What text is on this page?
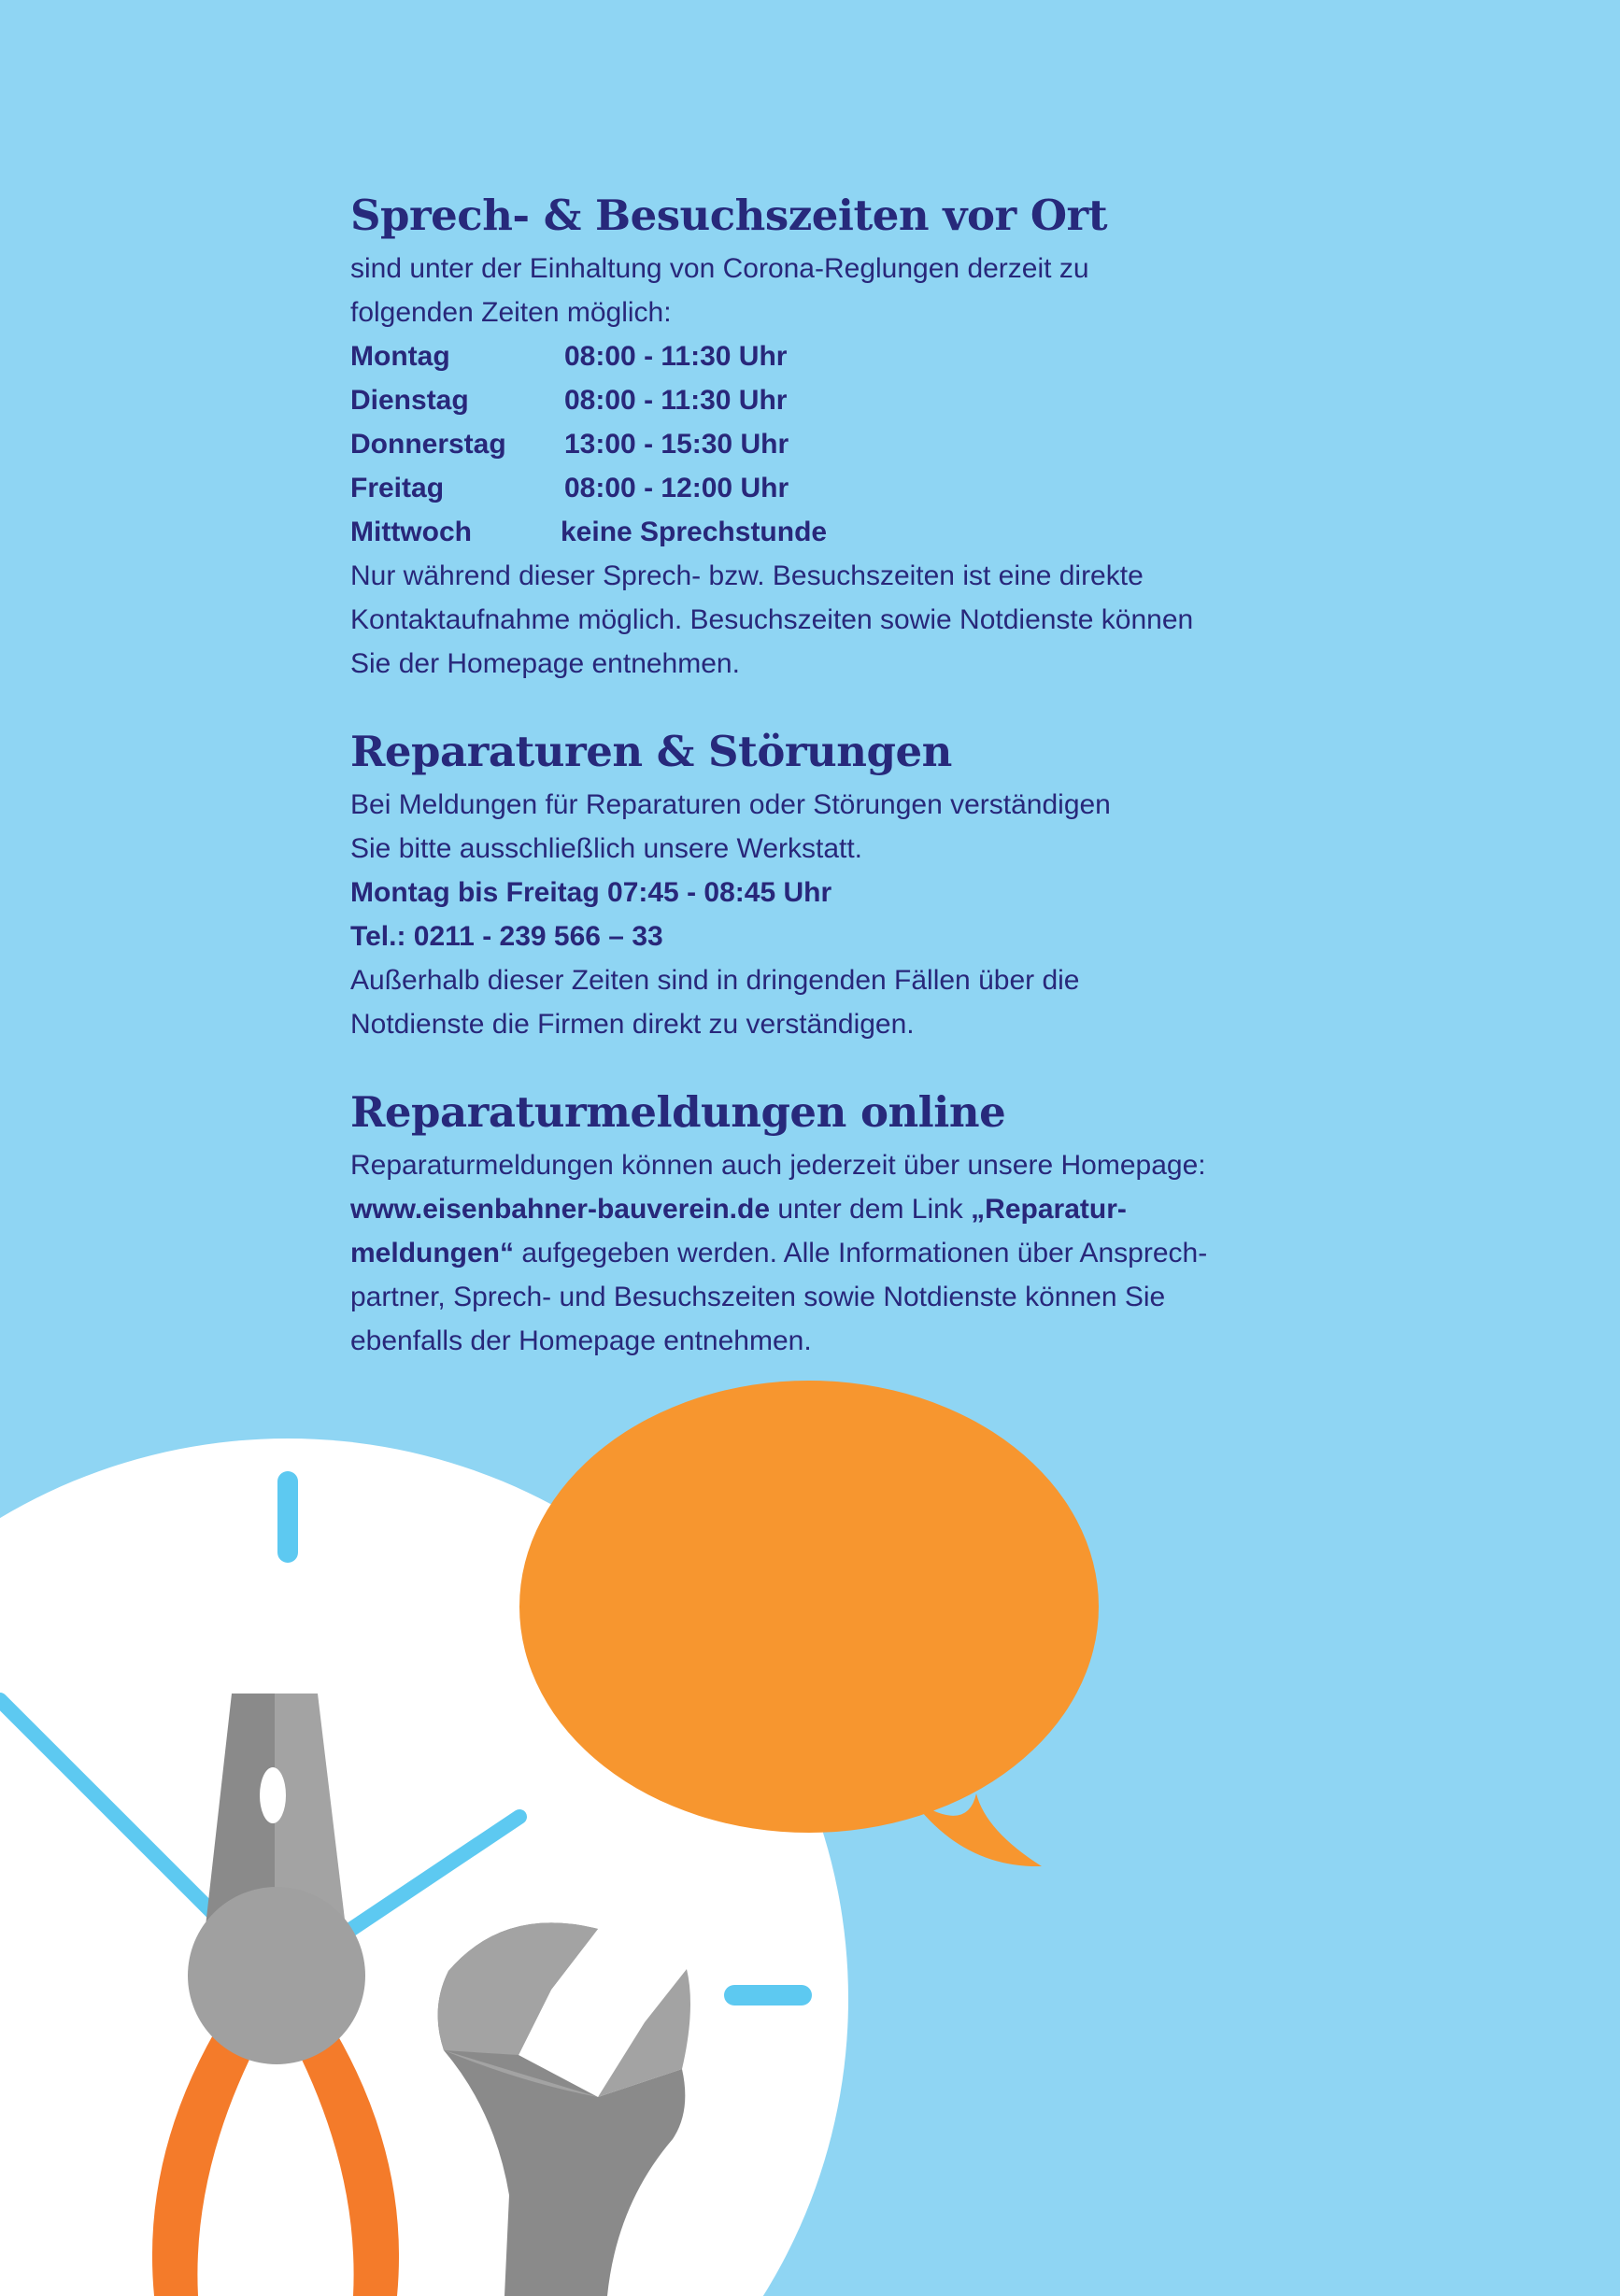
Sprech- & Besuchszeiten vor Ort

sind unter der Einhaltung von Corona-Reglungen derzeit zu

folgenden Zeiten möglich:

Montag	08:00 - 11:30 Uhr
Dienstag	08:00 - 11:30 Uhr
Donnerstag	13:00 - 15:30 Uhr
Freitag	08:00 - 12:00 Uhr
Mittwoch	keine Sprechstunde

Nur während dieser Sprech- bzw. Besuchszeiten ist eine direkte

Kontaktaufnahme möglich. Besuchszeiten sowie Notdienste können

Sie der Homepage entnehmen.

Reparaturen & Störungen

Bei Meldungen für Reparaturen oder Störungen verständigen

Sie bitte ausschließlich unsere Werkstatt.

Montag bis Freitag 07:45 - 08:45 Uhr

Tel.: 0211 - 239 566 – 33

Außerhalb dieser Zeiten sind in dringenden Fällen über die

Notdienste die Firmen direkt zu verständigen.

Reparaturmeldungen online

Reparaturmeldungen können auch jederzeit über unsere Homepage:

www.eisenbahner-bauverein.de unter dem Link „Reparatur-

meldungen“ aufgegeben werden. Alle Informationen über Ansprech-

partner, Sprech- und Besuchszeiten sowie Notdienste können Sie

ebenfalls der Homepage entnehmen.
